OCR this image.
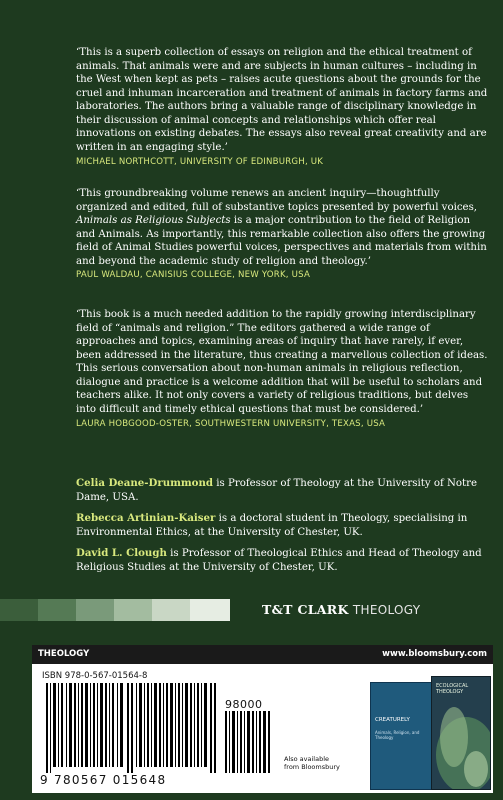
‘This is a superb collection of essays on religion and the ethical treatment of animals. That animals were and are subjects in human cultures – including in the West when kept as pets – raises acute questions about the grounds for the cruel and inhuman incarceration and treatment of animals in factory farms and laboratories. The authors bring a valuable range of disciplinary knowledge in their discussion of animal concepts and relationships which offer real innovations on existing debates. The essays also reveal great creativity and are written in an engaging style.’

MICHAEL NORTHCOTT, UNIVERSITY OF EDINBURGH, UK

‘This groundbreaking volume renews an ancient inquiry—thoughtfully organized and edited, full of substantive topics presented by powerful voices, Animals as Religious Subjects is a major contribution to the field of Religion and Animals. As importantly, this remarkable collection also offers the growing field of Animal Studies powerful voices, perspectives and materials from within and beyond the academic study of religion and theology.’

PAUL WALDAU, CANISIUS COLLEGE, NEW YORK, USA

‘This book is a much needed addition to the rapidly growing interdisciplinary field of “animals and religion.” The editors gathered a wide range of approaches and topics, examining areas of inquiry that have rarely, if ever, been addressed in the literature, thus creating a marvellous collection of ideas. This serious conversation about non-human animals in religious reflection, dialogue and practice is a welcome addition that will be useful to scholars and teachers alike. It not only covers a variety of religious traditions, but delves into difficult and timely ethical questions that must be considered.’

LAURA HOBGOOD-OSTER, SOUTHWESTERN UNIVERSITY, TEXAS, USA

Celia Deane-Drummond is Professor of Theology at the University of Notre Dame, USA.

Rebecca Artinian-Kaiser is a doctoral student in Theology, specialising in Environmental Ethics, at the University of Chester, UK.

David L. Clough is Professor of Theological Ethics and Head of Theology and Religious Studies at the University of Chester, UK.

T&T CLARK THEOLOGY
THEOLOGY	www.bloomsbury.com
ISBN 978-0-567-01564-8
98000
9 780567 015648
Also available
from Bloomsbury
CREATURELY
Animals, Religion, and Theology
ECOLOGICAL THEOLOGY
